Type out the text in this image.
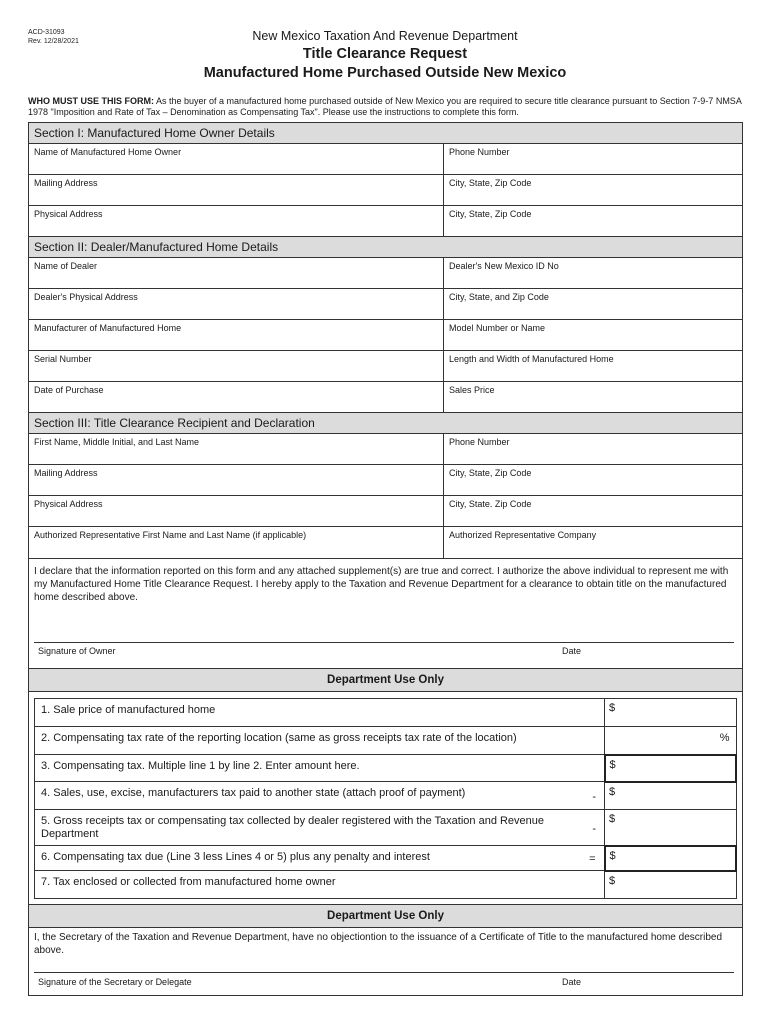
ACD-31093
Rev. 12/28/2021	New Mexico Taxation And Revenue Department
Title Clearance Request
Manufactured Home Purchased Outside New Mexico
WHO MUST USE THIS FORM: As the buyer of a manufactured home purchased outside of New Mexico you are required to secure title clearance pursuant to Section 7-9-7 NMSA 1978 "Imposition and Rate of Tax – Denomination as Compensating Tax". Please use the instructions to complete this form.
Section I: Manufactured Home Owner Details
Name of Manufactured Home Owner	Phone Number
Mailing Address	City, State, Zip Code
Physical Address	City, State, Zip Code
Section II: Dealer/Manufactured Home Details
Name of Dealer	Dealer's New Mexico ID No
Dealer's Physical Address	City, State, and Zip Code
Manufacturer of Manufactured Home	Model Number or Name
Serial Number	Length and Width of Manufactured Home
Date of Purchase	Sales Price
Section III: Title Clearance Recipient and Declaration
First Name, Middle Initial, and Last Name	Phone Number
Mailing Address	City, State, Zip Code
Physical Address	City, State. Zip Code
Authorized Representative First Name and Last Name (if applicable)	Authorized Representative Company
I declare that the information reported on this form and any attached supplement(s) are true and correct. I authorize the above individual to represent me with my Manufactured Home Title Clearance Request. I hereby apply to the Taxation and Revenue Department for a clearance to obtain title on the manufactured home described above.
Signature of Owner	Date
Department Use Only
1. Sale price of manufactured home	$
2. Compensating tax rate of the reporting location (same as gross receipts tax rate of the location)	%

3. Compensating tax. Multiple line 1 by line 2. Enter amount here.	$
4. Sales, use, excise, manufacturers tax paid to another state (attach proof of payment) -	$
5. Gross receipts tax or compensating tax collected by dealer registered with the Taxation and Revenue Department -	$
6. Compensating tax due (Line 3 less Lines 4 or 5) plus any penalty and interest =	$
7. Tax enclosed or collected from manufactured home owner	$
Department Use Only
I, the Secretary of the Taxation and Revenue Department, have no objectiontion to the issuance of a Certificate of Title to the manufactured home described above.
Signature of the Secretary or Delegate	Date
